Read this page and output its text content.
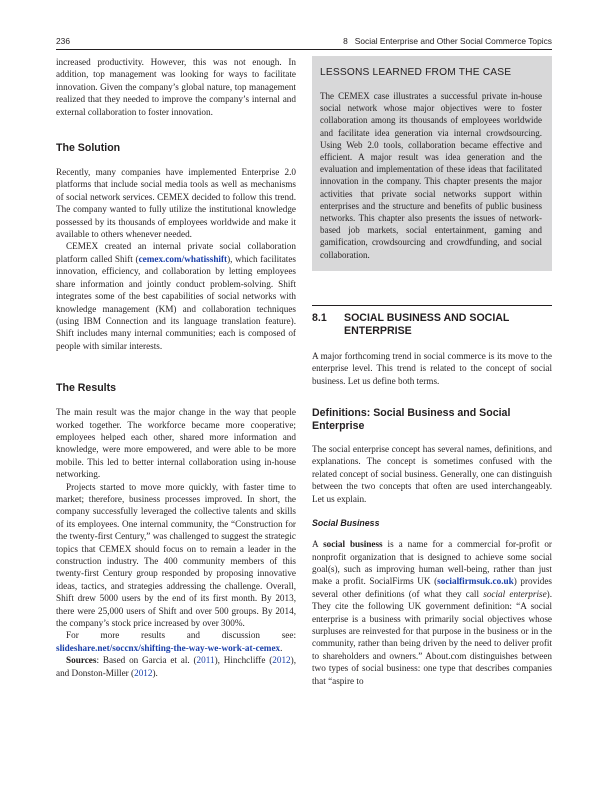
236	8   Social Enterprise and Other Social Commerce Topics

increased productivity. However, this was not enough. In addition, top management was looking for ways to facilitate innovation. Given the company’s global nature, top management realized that they needed to improve the company’s internal and external collaboration to foster innovation.

The Solution

Recently, many companies have implemented Enterprise 2.0 platforms that include social media tools as well as mechanisms of social network services. CEMEX decided to follow this trend. The company wanted to fully utilize the institutional knowledge possessed by its thousands of employees worldwide and make it available to others whenever needed.

CEMEX created an internal private social collaboration platform called Shift (cemex.com/whatisshift), which facilitates innovation, efficiency, and collaboration by letting employees share information and jointly conduct problem-solving. Shift integrates some of the best capabilities of social networks with knowledge management (KM) and collaboration techniques (using IBM Connection and its language translation feature). Shift includes many internal communities; each is composed of people with similar interests.

The Results

The main result was the major change in the way that people worked together. The workforce became more cooperative; employees helped each other, shared more information and knowledge, were more empowered, and were able to be more mobile. This led to better internal collaboration using in-house networking.

Projects started to move more quickly, with faster time to market; therefore, business processes improved. In short, the company successfully leveraged the collective talents and skills of its employees. One internal community, the “Construction for the twenty-first Century,” was challenged to suggest the strategic topics that CEMEX should focus on to remain a leader in the construction industry. The 400 community members of this twenty-first Century group responded by proposing innovative ideas, tactics, and strategies addressing the challenge. Overall, Shift drew 5000 users by the end of its first month. By 2013, there were 25,000 users of Shift and over 500 groups. By 2014, the company’s stock price increased by over 300%.

For more results and discussion see: slideshare.net/soccnx/shifting-the-way-we-work-at-cemex.

Sources: Based on Garcia et al. (2011), Hinchcliffe (2012), and Donston-Miller (2012).

LESSONS LEARNED FROM THE CASE

The CEMEX case illustrates a successful private in-house social network whose major objectives were to foster collaboration among its thousands of employees worldwide and facilitate idea generation via internal crowdsourcing. Using Web 2.0 tools, collaboration became effective and efficient. A major result was idea generation and the evaluation and implementation of these ideas that facilitated innovation in the company. This chapter presents the major activities that private social networks support within enterprises and the structure and benefits of public business networks. This chapter also presents the issues of network-based job markets, social entertainment, gaming and gamification, crowdsourcing and crowdfunding, and social collaboration.

8.1 SOCIAL BUSINESS AND SOCIAL ENTERPRISE

A major forthcoming trend in social commerce is its move to the enterprise level. This trend is related to the concept of social business. Let us define both terms.

Definitions: Social Business and Social Enterprise

The social enterprise concept has several names, definitions, and explanations. The concept is sometimes confused with the related concept of social business. Generally, one can distinguish between the two concepts that often are used interchangeably. Let us explain.

Social Business

A social business is a name for a commercial for-profit or nonprofit organization that is designed to achieve some social goal(s), such as improving human well-being, rather than just make a profit. SocialFirms UK (socialfirmsuk.co.uk) provides several other definitions (of what they call social enterprise). They cite the following UK government definition: “A social enterprise is a business with primarily social objectives whose surpluses are reinvested for that purpose in the business or in the community, rather than being driven by the need to deliver profit to shareholders and owners.” About.com distinguishes between two types of social business: one type that describes companies that “aspire to
